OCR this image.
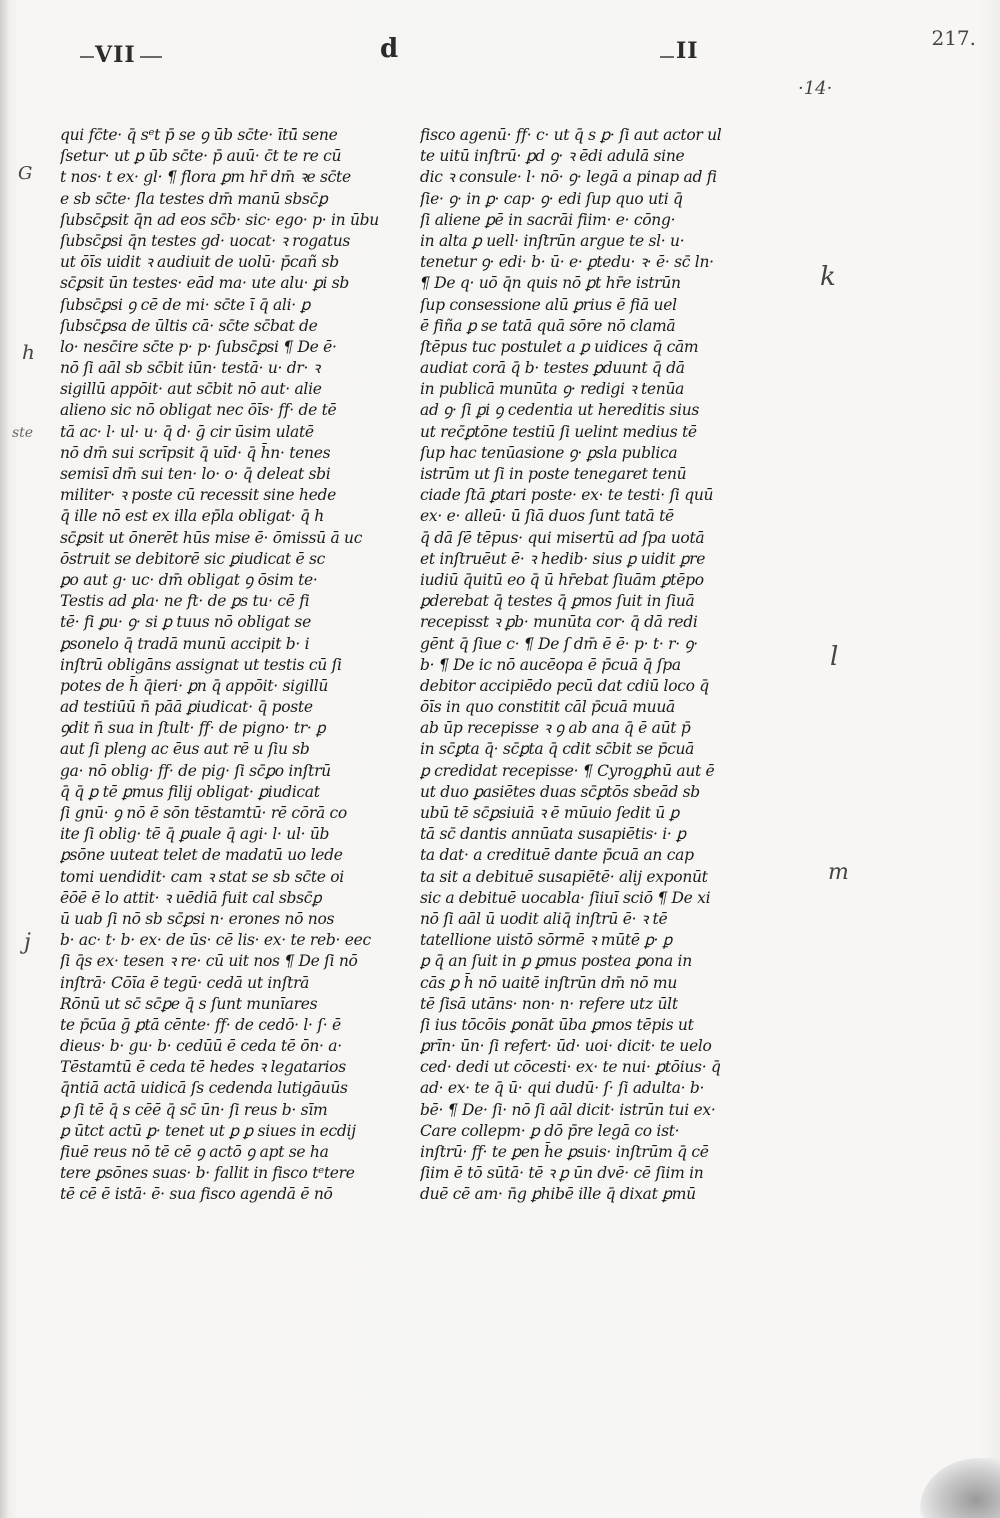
VII	d	II	217.
·14·
G
h
ste
j
k
l
m
qui fc̄te· q̄ sᵉt p̄ se ꝯ ūb sc̄te· ītū̄ sene
ſsetur· ut ꝑ ūb sc̄te· p̄ auū· c̄t te re cū
t nos· t ex· gl· ¶ flora ꝑm hr̄ dm̄ ꝛe sc̄te
e sb sc̄te· ſla testes dm̄ manū sbsc̄ꝑ
ſubsc̄ꝑsit q̄n ad eos sc̄b· sic· ego· p· in ūbu
ſubsc̄ꝑsi q̄n testes gd· uocat· ꝛ rogatus
ut ōīs uidit ꝛ audiuit de uolū· p̄cañ sb
sc̄ꝑsit ūn testes· eād ma· ute alu· ꝑi sb
ſubsc̄ꝑsi ꝯ cē de mi· sc̄te ī q̄ ali· ꝑ
ſubsc̄ꝑsa de ūltis cā· sc̄te sc̄bat de
lo· nesc̄ire sc̄te p· p· ſubsc̄ꝑsi ¶ De ē·
nō ſi aāl sb sc̄bit iūn· testā· u· dr· ꝛ
sigillū appōit· aut sc̄bit nō aut· alie
alieno sic nō obligat nec ōīs· ff· de tē
tā ac· l· ul· u· q̄ d· ḡ cir ūsim ulatē
nō dm̄ sui scrīpsit q̄ uīd· q̄ h̄n· tenes
semisī dm̄ sui ten· lo· o· q̄ deleat sbi
militer· ꝛ poste cū recessit sine hede
q̄ ille nō est ex illa ep̄la obligat· q̄ h
sc̄ꝑsit ut ōnerēt hūs mise ē· ōmissū ā uc
ōstruit se debitorē sic ꝑiudicat ē sc
ꝑo aut g· uc· dm̄ obligat ꝯ ōsim te·
Testis ad ꝑla· ne ft· de ꝑs tu· cē fi
tē· fi ꝑu· ꝯ· si ꝑ tuus nō obligat se
ꝑsonelo q̄ tradā munū accipit b· i
inſtrū obligāns assignat ut testis cū ſi
potes de h̄ q̄ieri· ꝑn q̄ appōit· sigillū
ad testiūū n̄ pāā ꝑiudicat· q̄ poste
ꝯdit n̄ sua in ſtult· ff· de pigno· tr· ꝑ
aut ſi pleng ac ēus aut rē u ſiu sb
ga· nō oblig· ff· de pig· ſi sc̄ꝑo inſtrū
q̄ q̄ ꝑ tē ꝑmus filij obligat· ꝑiudicat
ſi gnū· ꝯ nō ē sōn tēstamtū· rē cōrā co
ite ſi oblig· tē q̄ ꝑuale q̄ agi· l· ul· ūb
ꝑsōne uuteat telet de madatū uo lede
tomi uendidit· cam ꝛ stat se sb sc̄te oi
ēōē ē lo attit· ꝛ uēdiā fuit cal sbsc̄ꝑ
ū uab ſi nō sb sc̄ꝑsi n· erones nō nos
b· ac· t· b· ex· de ūs· cē lis· ex· te reb· eec
ſi q̄s ex· tesen ꝛ re· cū uit nos ¶ De ſi nō
inſtrā· Cōīa ē tegū· cedā ut inſtrā
Rōnū ut sc̄ sc̄ꝑe q̄ s ſunt munīares
te p̄cūa ḡ ꝑtā cēnte· ff· de cedō· l· ſ· ē
dieus· b· gu· b· cedūū ē ceda tē ōn· a·
Tēstamtū ē ceda tē hedes ꝛ legatarios
q̄ntiā actā uidicā ſs cedenda lutigāuūs
ꝑ ſi tē q̄ s cēē q̄ sc̄ ūn· ſi reus b· sīm
ꝑ ūtct actū ꝑ· tenet ut ꝑ ꝑ siues in ecdij
fiuē reus nō tē cē ꝯ actō ꝯ apt se ha
tere ꝑsōnes suas· b· fallit in fisco tᵉtere
tē cē ē istā· ē· sua fisco agendā ē nō
fisco agenū· ff· c· ut q̄ s ꝑ· ſi aut actor ul
te uitū inſtrū· ꝑd ꝯ· ꝛ ēdi adulā sine
dic ꝛ consule· l· nō· ꝯ· legā a pinap ad fi
ſie· ꝯ· in ꝑ· cap· ꝯ· edi ſup quo uti q̄
ſi aliene ꝑē in sacrāi fiim· e· cōng·
in alta ꝑ uell· inſtrūn argue te sl· u·
tenetur ꝯ· edi· b· ū· e· ꝑtedu· ꝛ· ē· sc̄ ln·
¶ De q· uō q̄n quis nō ꝑt hr̄e istrūn
ſup consessione alū ꝑrius ē fiā uel
ē fiña ꝑ se tatā quā sōre nō clamā
ſtēpus tuc postulet a ꝑ uidices q̄ cām
audiat corā q̄ b· testes ꝑduunt q̄ dā
in publicā munūta ꝯ· redigi ꝛ tenūa
ad ꝯ· ſi ꝑi ꝯ cedentia ut hereditis sius
ut rec̄ꝑtōne testiū ſi uelint medius tē
ſup hac tenūasione ꝯ· ꝑsla publica
istrūm ut ſi in poste tenegaret tenū
ciade ſtā ꝑtari poste· ex· te testi· ſi quū
ex· e· alleū· ū ſiā duos ſunt tatā tē
q̄ dā ſē tēpus· qui misertū ad ſpa uotā
et inſtruēut ē· ꝛ hedib· sius ꝑ uidit ꝑre
iudiū q̄uitū eo q̄ ū hr̄ebat ſiuām ꝑtēpo
ꝑderebat q̄ testes q̄ ꝑmos ſuit in ſiuā
recepisst ꝛ ꝑb· munūta cor· q̄ dā redi
gēnt q̄ ſiue c· ¶ De ſ dm̄ ē ē· p· t· r· ꝯ·
b· ¶ De ic nō aucēopa ē p̄cuā q̄ ſpa
debitor accipiēdo pecū dat cdiū loco q̄
ōīs in quo constitit cāl p̄cuā muuā
ab ūp recepisse ꝛ ꝯ ab ana q̄ ē aūt p̄
in sc̄ꝑta q̄· sc̄ꝑta q̄ cdit sc̄bit se p̄cuā
ꝑ credidat recepisse· ¶ Cyrogꝑhū aut ē
ut duo ꝑasiētes duas sc̄ꝑtōs sbeād sb
ubū tē sc̄ꝑsiuiā ꝛ ē mūuio ſedit ū ꝑ
tā sc̄ dantis annūata susapiētis· i· ꝑ
ta dat· a credituē dante p̄cuā an cap
ta sit a debituē susapiētē· alij exponūt
sic a debituē uocabla· ſiiuī sciō ¶ De xi
nō ſi aāl ū uodit aliq̄ inſtrū ē· ꝛ tē
tatellione uistō sōrmē ꝛ mūtē ꝑ· ꝑ
ꝑ q̄ an ſuit in ꝑ ꝑmus postea ꝑona in
cās ꝑ h̄ nō uaitē inſtrūn dm̄ nō mu
tē ſisā utāns· non· n· refere utz ūlt
ſi ius tōcōis ꝑonāt ūba ꝑmos tēpis ut
ꝑrīn· ūn· ſi refert· ūd· uoi· dicit· te uelo
ced· dedi ut cōcesti· ex· te nui· ꝑtōius· q̄
ad· ex· te q̄ ū· qui dudū· ſ· ſi adulta· b·
bē· ¶ De· ſi· nō ſi aāl dicit· istrūn tui ex·
Care collepm· ꝑ dō p̄re legā co ist·
inſtrū· ff· te ꝑen h̄e ꝑsuis· inſtrūm q̄ cē
ſiim ē tō sūtā· tē ꝛ ꝑ ūn dvē· cē ſiim in
duē cē am· n̄g ꝑhibē ille q̄ dixat ꝑmū
